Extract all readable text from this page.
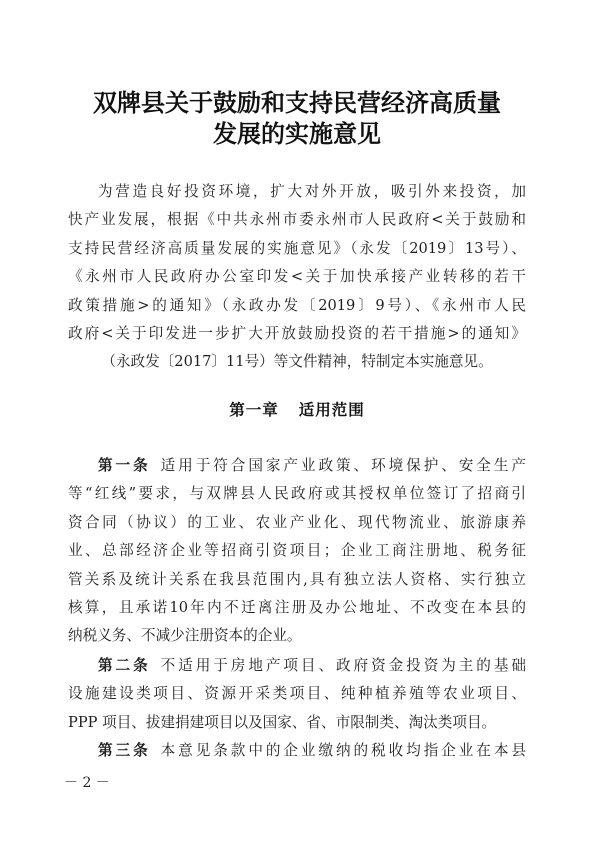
双牌县关于鼓励和支持民营经济高质量
发展的实施意见
为营造良好投资环境，扩大对外开放，吸引外来投资，加
快产业发展，根据《中共永州市委永州市人民政府<关于鼓励和
支持民营经济高质量发展的实施意见》（永发〔2019〕13号）、
《永州市人民政府办公室印发<关于加快承接产业转移的若干
政策措施>的通知》（永政办发〔2019〕9号）、《永州市人民
政府<关于印发进一步扩大开放鼓励投资的若干措施>的通知》
（永政发〔2017〕11号）等文件精神，特制定本实施意见。
第一章 适用范围
第一条 适用于符合国家产业政策、环境保护、安全生产
等“红线”要求，与双牌县人民政府或其授权单位签订了招商引
资合同（协议）的工业、农业产业化、现代物流业、旅游康养
业、总部经济企业等招商引资项目；企业工商注册地、税务征
管关系及统计关系在我县范围内,具有独立法人资格、实行独立
核算，且承诺10年内不迁离注册及办公地址、不改变在本县的
纳税义务、不减少注册资本的企业。
第二条 不适用于房地产项目、政府资金投资为主的基础
设施建设类项目、资源开采类项目、纯种植养殖等农业项目、
PPP 项目、拔建捐建项目以及国家、省、市限制类、淘汰类项目。
第三条 本意见条款中的企业缴纳的税收均指企业在本县
－ 2 －
